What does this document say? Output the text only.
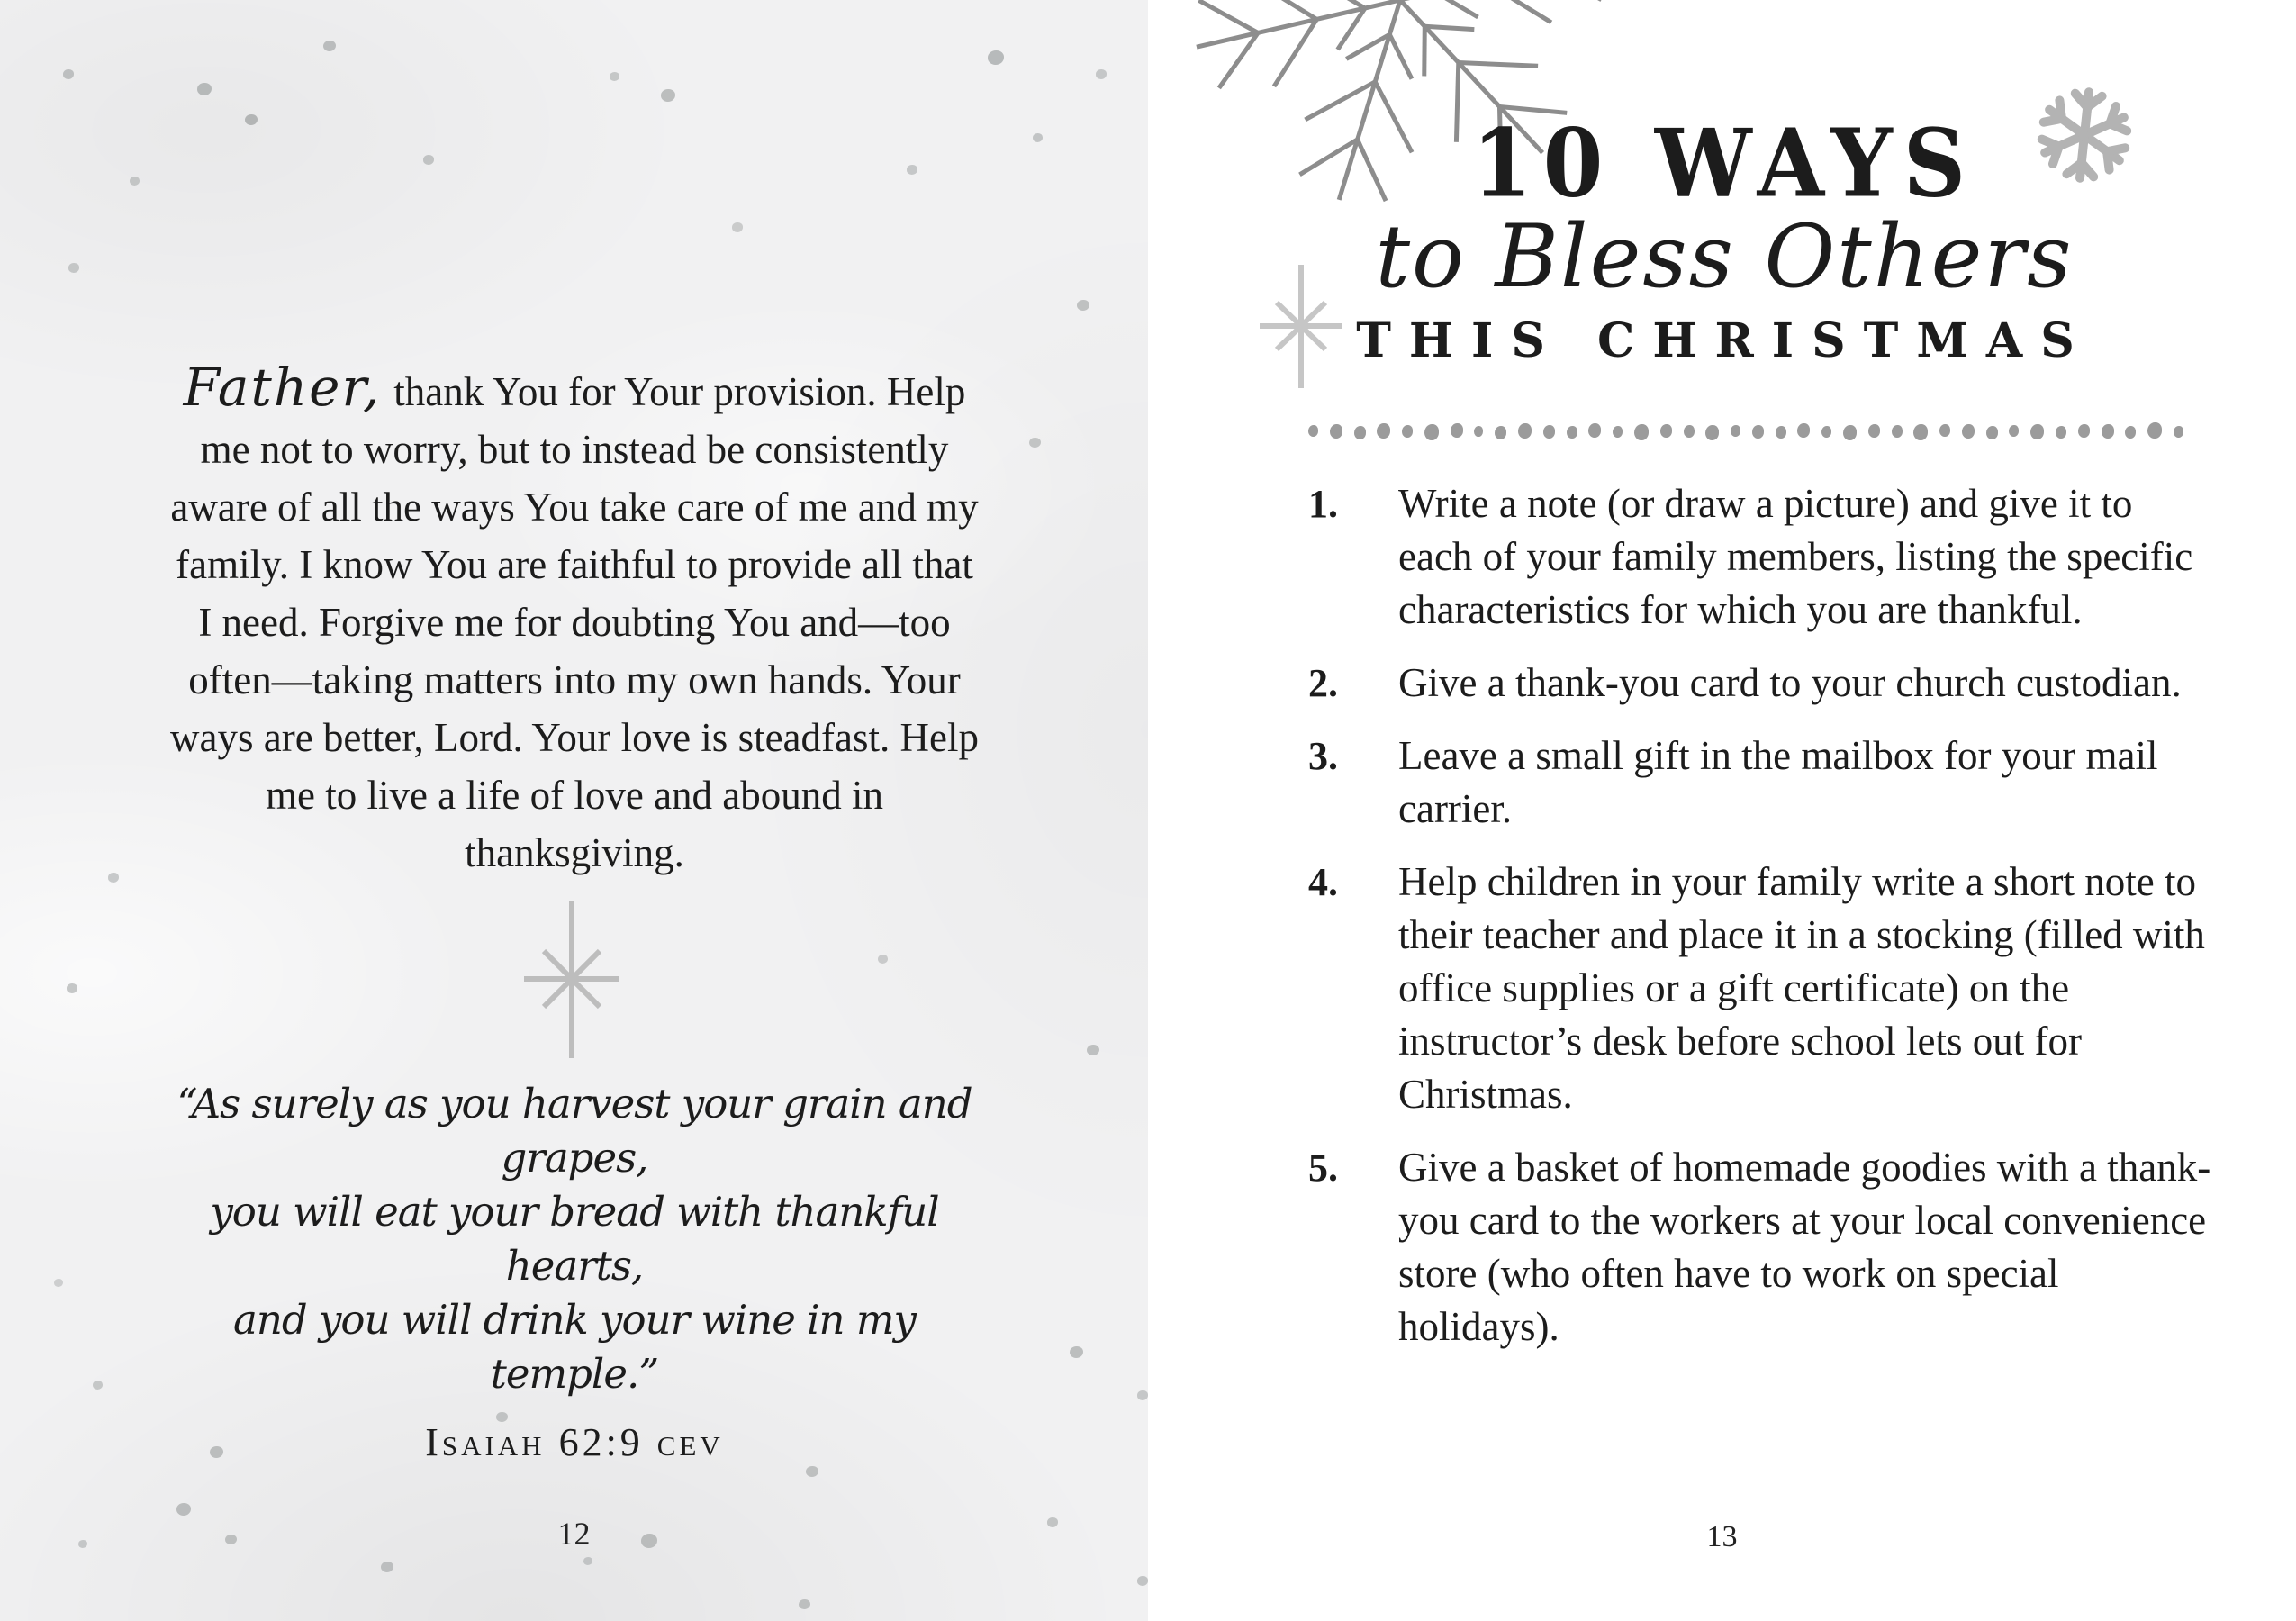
Father, thank You for Your provision. Help me not to worry, but to instead be consistently aware of all the ways You take care of me and my family. I know You are faithful to provide all that I need. Forgive me for doubting You and—too often—taking matters into my own hands. Your ways are better, Lord. Your love is steadfast. Help me to live a life of love and abound in thanksgiving.
“As surely as you harvest your grain and grapes,
you will eat your bread with thankful hearts,
and you will drink your wine in my temple.”
Isaiah 62:9 cev
12
10 WAYS
to Bless Others
THIS CHRISTMAS
1.	Write a note (or draw a picture) and give it to each of your family members, listing the specific characteristics for which you are thankful.
2.	Give a thank-you card to your church custodian.
3.	Leave a small gift in the mailbox for your mail carrier.
4.	Help children in your family write a short note to their teacher and place it in a stocking (filled with office supplies or a gift certificate) on the instructor’s desk before school lets out for Christmas.
5.	Give a basket of homemade goodies with a thank-you card to the workers at your local convenience store (who often have to work on special holidays).
13
